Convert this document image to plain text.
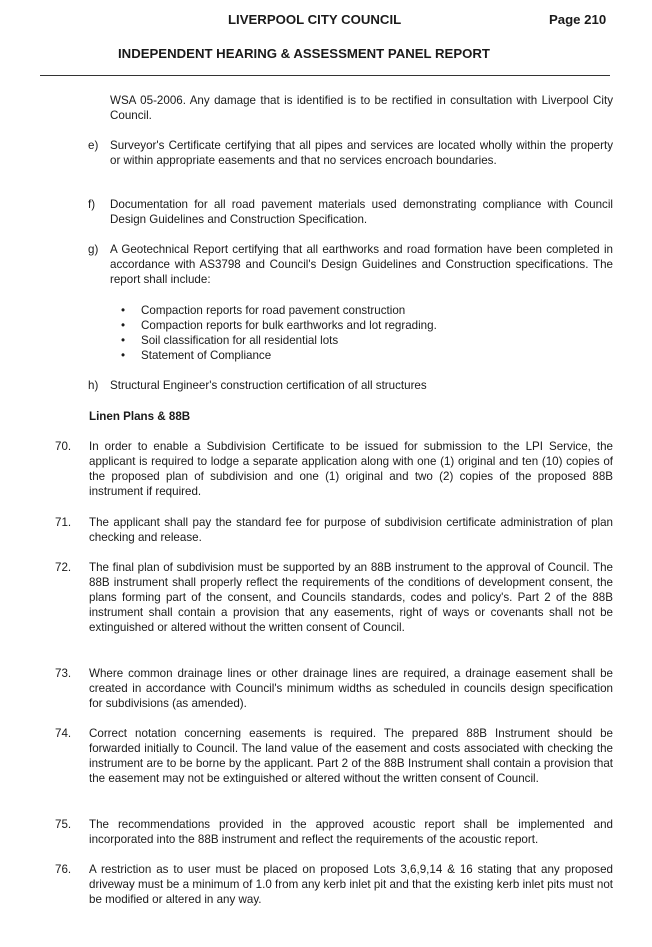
LIVERPOOL CITY COUNCIL	Page 210
INDEPENDENT HEARING & ASSESSMENT PANEL REPORT
WSA 05-2006. Any damage that is identified is to be rectified in consultation with Liverpool City Council.
e) Surveyor's Certificate certifying that all pipes and services are located wholly within the property or within appropriate easements and that no services encroach boundaries.
f) Documentation for all road pavement materials used demonstrating compliance with Council Design Guidelines and Construction Specification.
g) A Geotechnical Report certifying that all earthworks and road formation have been completed in accordance with AS3798 and Council's Design Guidelines and Construction specifications. The report shall include:
• Compaction reports for road pavement construction
• Compaction reports for bulk earthworks and lot regrading.
• Soil classification for all residential lots
• Statement of Compliance
h) Structural Engineer's construction certification of all structures
Linen Plans & 88B
70. In order to enable a Subdivision Certificate to be issued for submission to the LPI Service, the applicant is required to lodge a separate application along with one (1) original and ten (10) copies of the proposed plan of subdivision and one (1) original and two (2) copies of the proposed 88B instrument if required.
71. The applicant shall pay the standard fee for purpose of subdivision certificate administration of plan checking and release.
72. The final plan of subdivision must be supported by an 88B instrument to the approval of Council. The 88B instrument shall properly reflect the requirements of the conditions of development consent, the plans forming part of the consent, and Councils standards, codes and policy's. Part 2 of the 88B instrument shall contain a provision that any easements, right of ways or covenants shall not be extinguished or altered without the written consent of Council.
73. Where common drainage lines or other drainage lines are required, a drainage easement shall be created in accordance with Council's minimum widths as scheduled in councils design specification for subdivisions (as amended).
74. Correct notation concerning easements is required. The prepared 88B Instrument should be forwarded initially to Council. The land value of the easement and costs associated with checking the instrument are to be borne by the applicant. Part 2 of the 88B Instrument shall contain a provision that the easement may not be extinguished or altered without the written consent of Council.
75. The recommendations provided in the approved acoustic report shall be implemented and incorporated into the 88B instrument and reflect the requirements of the acoustic report.
76. A restriction as to user must be placed on proposed Lots 3,6,9,14 & 16 stating that any proposed driveway must be a minimum of 1.0 from any kerb inlet pit and that the existing kerb inlet pits must not be modified or altered in any way.
